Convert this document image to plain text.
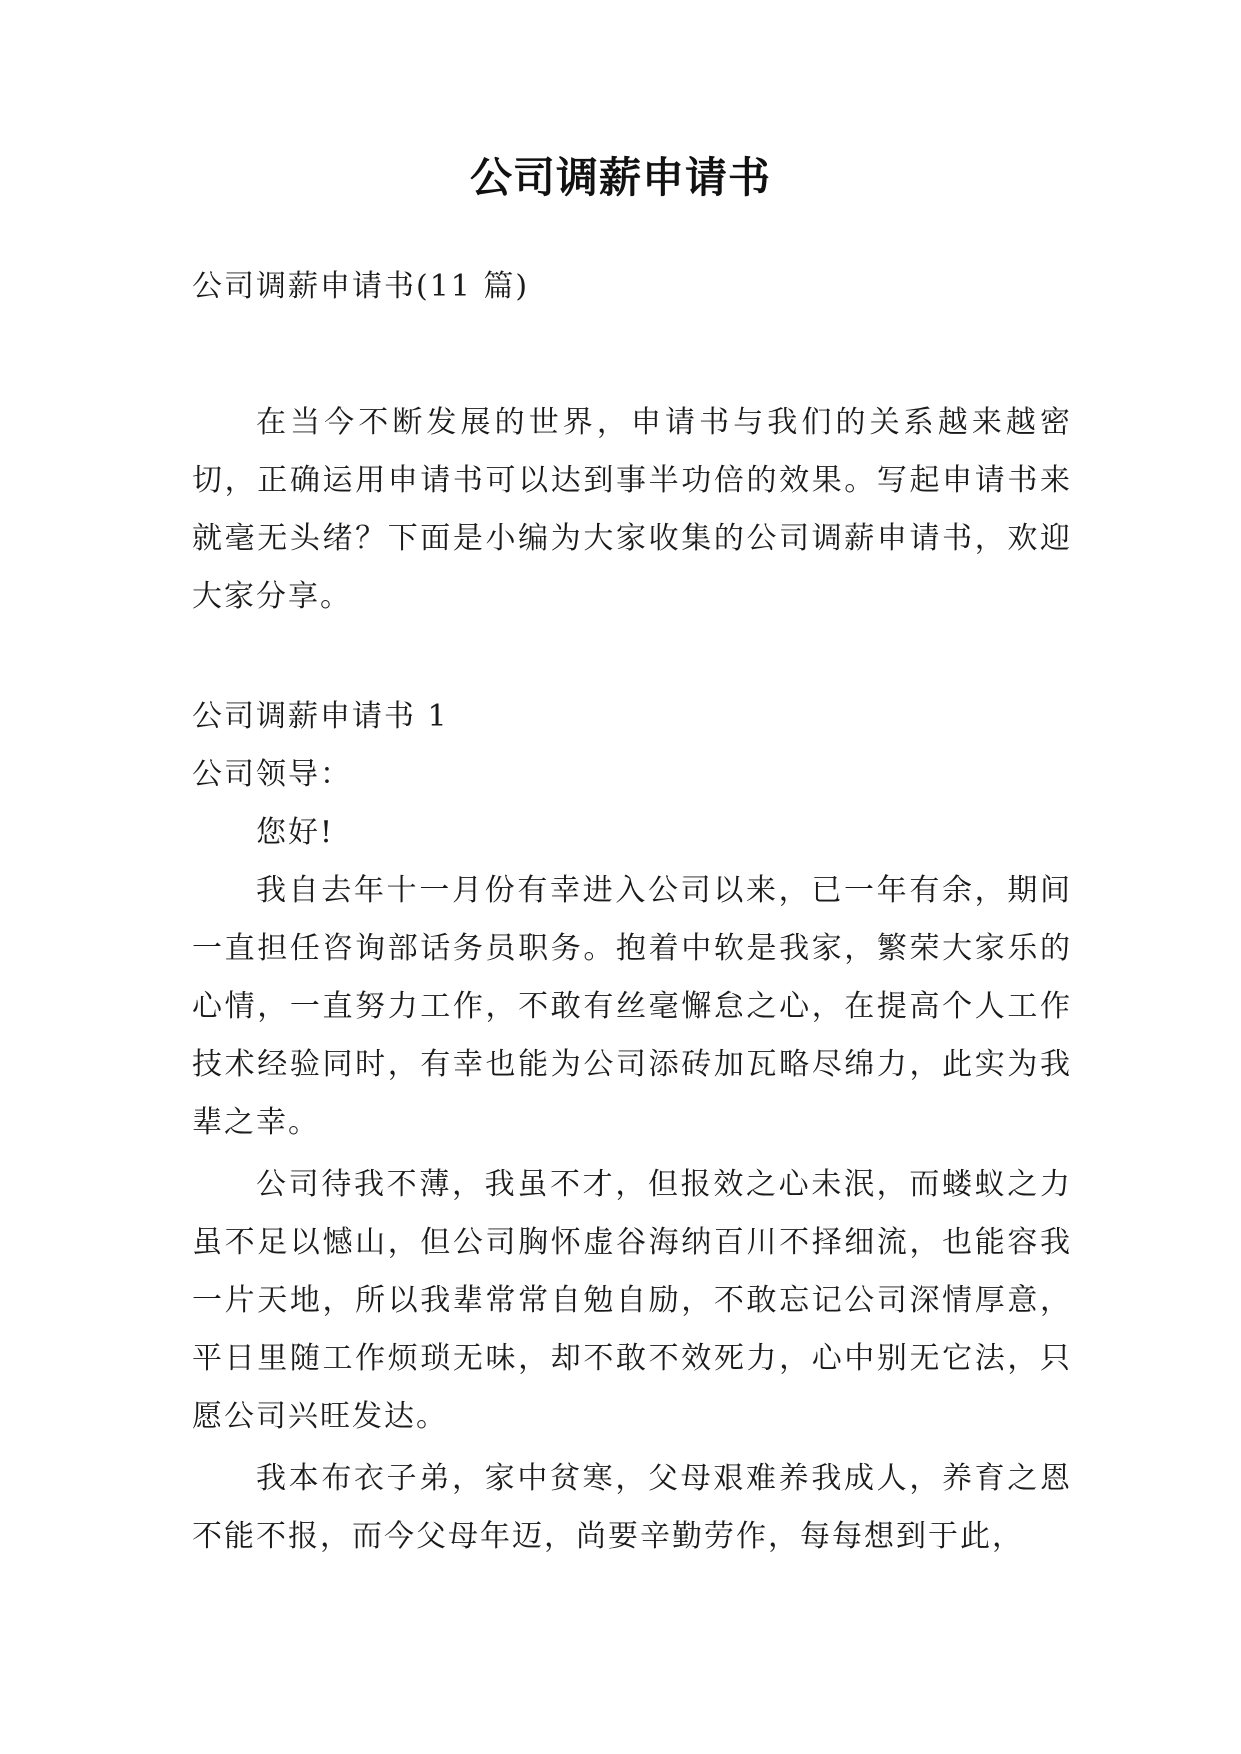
公司调薪申请书

公司调薪申请书(11 篇)

在当今不断发展的世界，申请书与我们的关系越来越密切，正确运用申请书可以达到事半功倍的效果。写起申请书来就毫无头绪？下面是小编为大家收集的公司调薪申请书，欢迎大家分享。

公司调薪申请书 1

公司领导：

您好!

我自去年十一月份有幸进入公司以来，已一年有余，期间一直担任咨询部话务员职务。抱着中软是我家，繁荣大家乐的心情，一直努力工作，不敢有丝毫懈怠之心，在提高个人工作技术经验同时，有幸也能为公司添砖加瓦略尽绵力，此实为我辈之幸。

公司待我不薄，我虽不才，但报效之心未泯，而蝼蚁之力虽不足以憾山，但公司胸怀虚谷海纳百川不择细流，也能容我一片天地，所以我辈常常自勉自励，不敢忘记公司深情厚意，平日里随工作烦琐无味，却不敢不效死力，心中别无它法，只愿公司兴旺发达。

我本布衣子弟，家中贫寒，父母艰难养我成人，养育之恩不能不报，而今父母年迈，尚要辛勤劳作，每每想到于此，
